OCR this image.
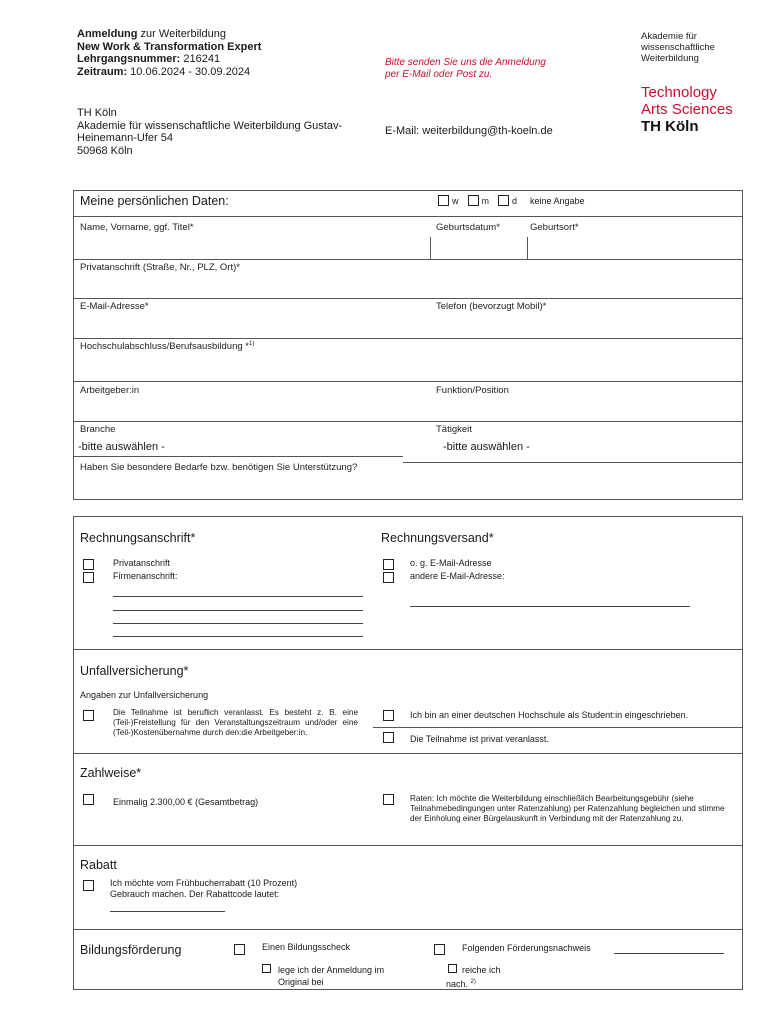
Anmeldung zur Weiterbildung
New Work & Transformation Expert
Lehrgangsnummer: 216241
Zeitraum: 10.06.2024 - 30.09.2024
Bitte senden Sie uns die Anmeldung
per E-Mail oder Post zu.
TH Köln
Akademie für wissenschaftliche Weiterbildung Gustav-
Heinemann-Ufer 54
50968 Köln
E-Mail: weiterbildung@th-koeln.de
Akademie für
wissenschaftliche
Weiterbildung
Technology
Arts Sciences
TH Köln
Meine persönlichen Daten:	w	m	d keine Angabe
Name, Vorname, ggf. Titel*	Geburtsdatum*	Geburtsort*
Privatanschrift (Straße, Nr., PLZ, Ort)*
E-Mail-Adresse*	Telefon (bevorzugt Mobil)*
Hochschulabschluss/Berufsausbildung *$^{1)}$
Arbeitgeber:in	Funktion/Position
Branche	Tätigkeit
-bitte auswählen -	-bitte auswählen -
Haben Sie besondere Bedarfe bzw. benötigen Sie Unterstützung?
Rechnungsanschrift*	Rechnungsversand*
Privatanschrift
Firmenanschrift:
o. g. E-Mail-Adresse
andere E-Mail-Adresse:
Unfallversicherung*
Angaben zur Unfallversicherung
Die Teilnahme ist beruflich veranlasst. Es besteht z. B. eine (Teil-)Freistellung für den Veranstaltungszeitraum und/oder eine (Teil-)Kostenübernahme durch den:die Arbeitgeber:in.
Ich bin an einer deutschen Hochschule als Student:in eingeschrieben.
Die Teilnahme ist privat veranlasst.
Zahlweise*
Einmalig 2.300,00 € (Gesamtbetrag)	Raten: Ich möchte die Weiterbildung einschließlich Bearbeitungsgebühr (siehe Teilnahmebedingungen unter Ratenzahlung) per Ratenzahlung begleichen und stimme der Einholung einer Bürgelauskunft in Verbindung mit der Ratenzahlung zu.
Rabatt
Ich möchte vom Frühbucherrabatt (10 Prozent)
Gebrauch machen. Der Rabattcode lautet:
Bildungsförderung	Einen Bildungsscheck	Folgenden Förderungsnachweis
lege ich der Anmeldung im
Original bei
reiche ich
nach. $^{2)}$
